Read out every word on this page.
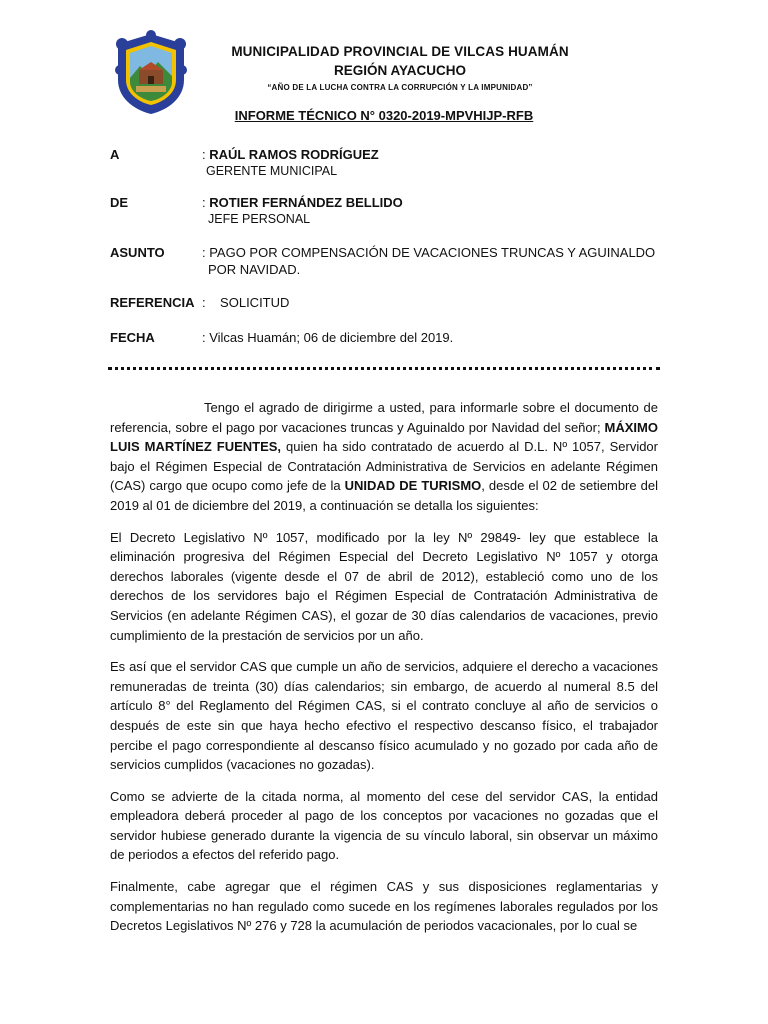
MUNICIPALIDAD PROVINCIAL DE VILCAS HUAMÁN
REGIÓN AYACUCHO
“AÑO DE LA LUCHA CONTRA LA CORRUPCIÓN Y LA IMPUNIDAD”
INFORME TÉCNICO N° 0320-2019-MPVHIJP-RFB
A	: RAÚL RAMOS RODRÍGUEZ
GERENTE MUNICIPAL
DE	: ROTIER FERNÁNDEZ BELLIDO
JEFE PERSONAL
ASUNTO	: PAGO POR COMPENSACIÓN DE VACACIONES TRUNCAS Y AGUINALDO
POR NAVIDAD.
REFERENCIA :    SOLICITUD
FECHA	: Vilcas Huamán; 06 de diciembre del 2019.

Tengo el agrado de dirigirme a usted, para informarle sobre el documento de referencia, sobre el pago por vacaciones truncas y Aguinaldo por Navidad del señor; MÁXIMO LUIS MARTÍNEZ FUENTES, quien ha sido contratado de acuerdo al D.L. Nº 1057, Servidor bajo el Régimen Especial de Contratación Administrativa de Servicios en adelante Régimen (CAS) cargo que ocupo como jefe de la UNIDAD DE TURISMO, desde el 02 de setiembre del 2019 al 01 de diciembre del 2019, a continuación se detalla los siguientes:

El Decreto Legislativo Nº 1057, modificado por la ley Nº 29849- ley que establece la eliminación progresiva del Régimen Especial del Decreto Legislativo Nº 1057 y otorga derechos laborales (vigente desde el 07 de abril de 2012), estableció como uno de los derechos de los servidores bajo el Régimen Especial de Contratación Administrativa de Servicios (en adelante Régimen CAS), el gozar de 30 días calendarios de vacaciones, previo cumplimiento de la prestación de servicios por un año.

Es así que el servidor CAS que cumple un año de servicios, adquiere el derecho a vacaciones remuneradas de treinta (30) días calendarios; sin embargo, de acuerdo al numeral 8.5 del artículo 8° del Reglamento del Régimen CAS, si el contrato concluye al año de servicios o después de este sin que haya hecho efectivo el respectivo descanso físico, el trabajador percibe el pago correspondiente al descanso físico acumulado y no gozado por cada año de servicios cumplidos (vacaciones no gozadas).

Como se advierte de la citada norma, al momento del cese del servidor CAS, la entidad empleadora deberá proceder al pago de los conceptos por vacaciones no gozadas que el servidor hubiese generado durante la vigencia de su vínculo laboral, sin observar un máximo de periodos a efectos del referido pago.

Finalmente, cabe agregar que el régimen CAS y sus disposiciones reglamentarias y complementarias no han regulado como sucede en los regímenes laborales regulados por los Decretos Legislativos Nº 276 y 728 la acumulación de periodos vacacionales, por lo cual se
